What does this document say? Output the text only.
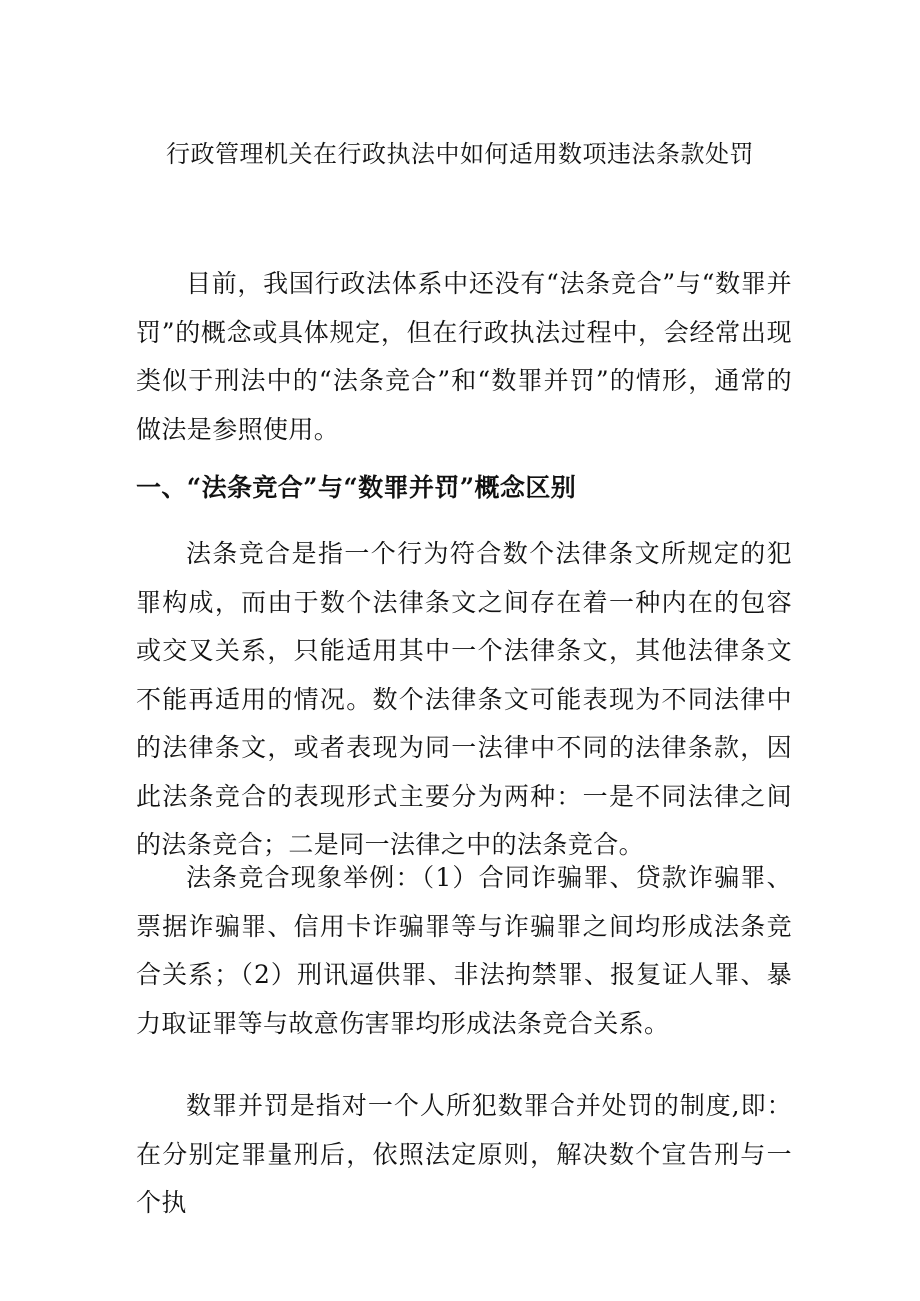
行政管理机关在行政执法中如何适用数项违法条款处罚

目前，我国行政法体系中还没有“法条竞合”与“数罪并罚”的概念或具体规定，但在行政执法过程中，会经常出现类似于刑法中的“法条竞合”和“数罪并罚”的情形，通常的做法是参照使用。

一、“法条竞合”与“数罪并罚”概念区别

法条竞合是指一个行为符合数个法律条文所规定的犯罪构成，而由于数个法律条文之间存在着一种内在的包容或交叉关系，只能适用其中一个法律条文，其他法律条文不能再适用的情况。数个法律条文可能表现为不同法律中的法律条文，或者表现为同一法律中不同的法律条款，因此法条竞合的表现形式主要分为两种：一是不同法律之间的法条竞合；二是同一法律之中的法条竞合。

法条竞合现象举例：（1）合同诈骗罪、贷款诈骗罪、票据诈骗罪、信用卡诈骗罪等与诈骗罪之间均形成法条竞合关系；（2）刑讯逼供罪、非法拘禁罪、报复证人罪、暴力取证罪等与故意伤害罪均形成法条竞合关系。

数罪并罚是指对一个人所犯数罪合并处罚的制度,即：在分别定罪量刑后，依照法定原则，解决数个宣告刑与一个执
